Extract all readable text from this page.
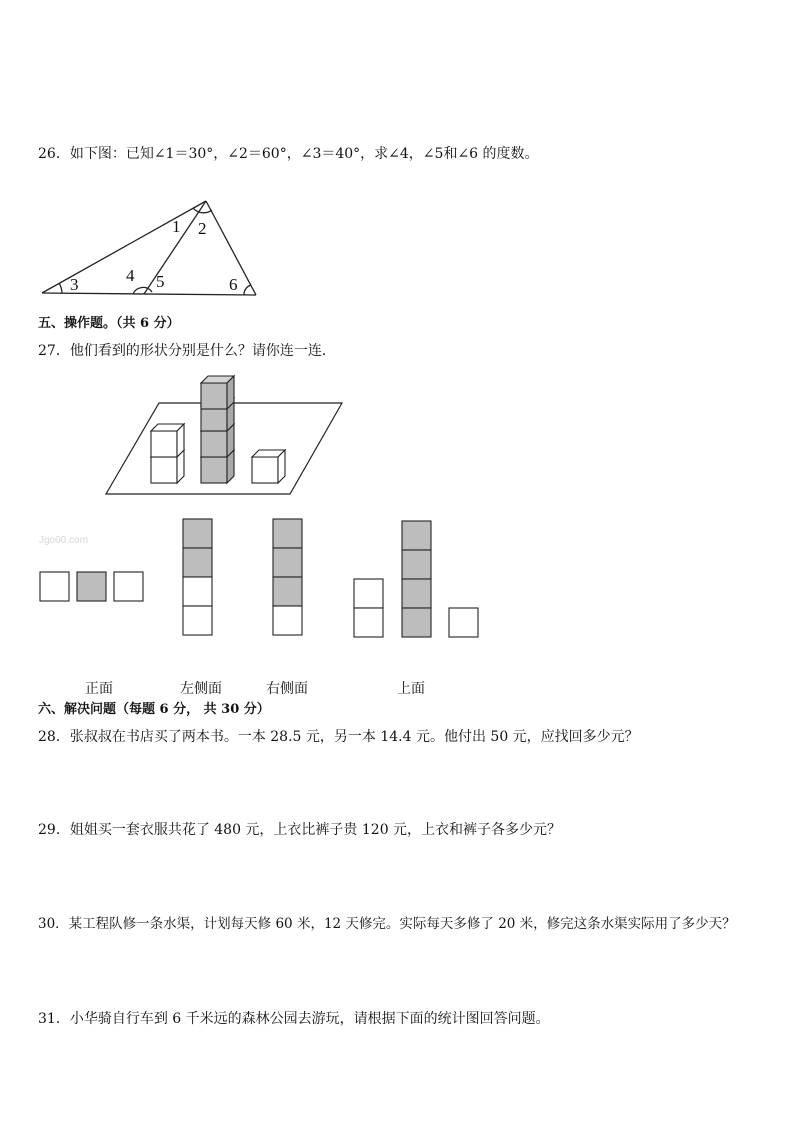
26．如下图：已知∠1＝30°，∠2＝60°，∠3＝40°，求∠4，∠5和∠6 的度数。
1 2
3	4 5	6
五、操作题。（共 6 分）
27．他们看到的形状分别是什么？请你连一连．
Jgo00.com
正面	左侧面	右侧面	上面
六、解决问题（每题 6 分， 共 30 分）
28．张叔叔在书店买了两本书。一本 28.5 元，另一本 14.4 元。他付出 50 元，应找回多少元？
29．姐姐买一套衣服共花了 480 元，上衣比裤子贵 120 元，上衣和裤子各多少元？
30．某工程队修一条水渠，计划每天修 60 米，12 天修完。实际每天多修了 20 米，修完这条水渠实际用了多少天？
31．小华骑自行车到 6 千米远的森林公园去游玩，请根据下面的统计图回答问题。
